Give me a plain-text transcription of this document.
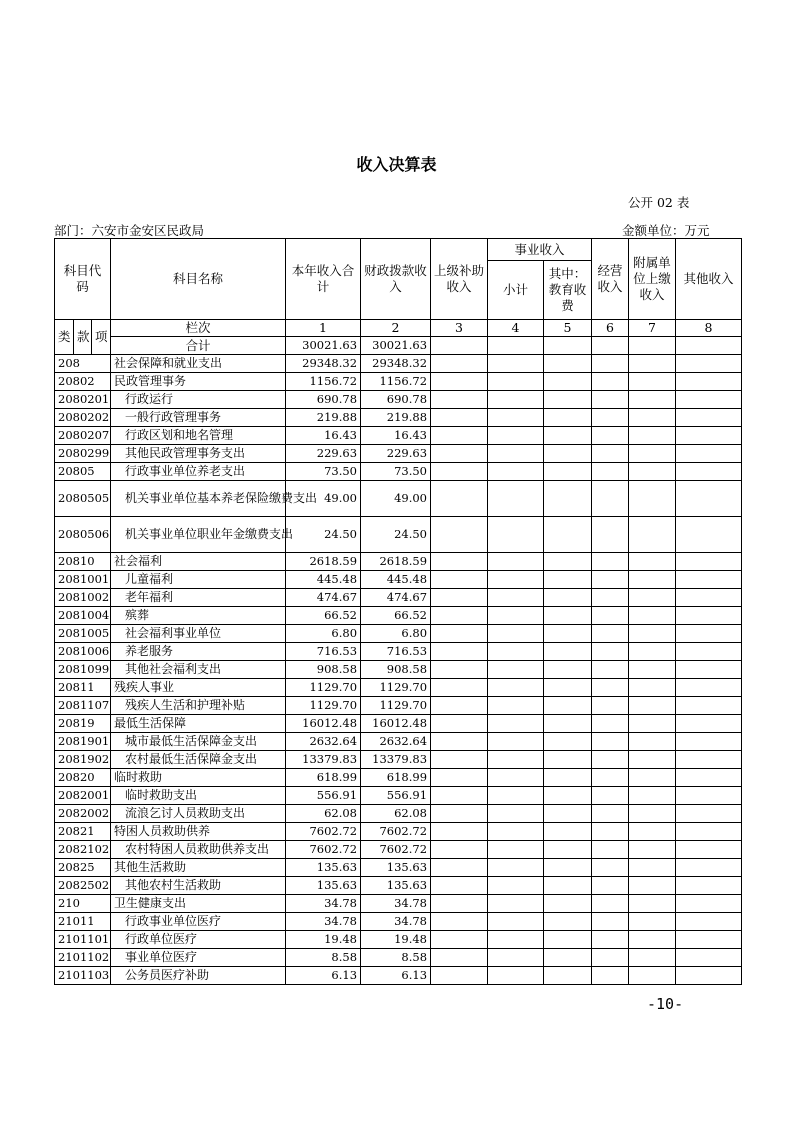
收入决算表
公开 02 表
部门：六安市金安区民政局	金额单位：万元
科目代码			科目名称	本年收入合计	财政拨款收入	上级补助收入	事业收入		经营收入	附属单位上缴收入	其他收入
							小计	其中：教育收费			
类	款	项	栏次	1	2	3	4	5	6	7	8
			合计	30021.63	30021.63						
208			社会保障和就业支出	29348.32	29348.32						
20802			民政管理事务	1156.72	1156.72						
2080201			行政运行	690.78	690.78						
2080202			一般行政管理事务	219.88	219.88						
2080207			行政区划和地名管理	16.43	16.43						
2080299			其他民政管理事务支出	229.63	229.63						
20805			行政事业单位养老支出	73.50	73.50						
2080505			机关事业单位基本养老保险缴费支出	49.00	49.00						
2080506			机关事业单位职业年金缴费支出	24.50	24.50						
20810			社会福利	2618.59	2618.59						
2081001			儿童福利	445.48	445.48						
2081002			老年福利	474.67	474.67						
2081004			殡葬	66.52	66.52						
2081005			社会福利事业单位	6.80	6.80						
2081006			养老服务	716.53	716.53						
2081099			其他社会福利支出	908.58	908.58						
20811			残疾人事业	1129.70	1129.70						
2081107			残疾人生活和护理补贴	1129.70	1129.70						
20819			最低生活保障	16012.48	16012.48						
2081901			城市最低生活保障金支出	2632.64	2632.64						
2081902			农村最低生活保障金支出	13379.83	13379.83						
20820			临时救助	618.99	618.99						
2082001			临时救助支出	556.91	556.91						
2082002			流浪乞讨人员救助支出	62.08	62.08						
20821			特困人员救助供养	7602.72	7602.72						
2082102			农村特困人员救助供养支出	7602.72	7602.72						
20825			其他生活救助	135.63	135.63						
2082502			其他农村生活救助	135.63	135.63						
210			卫生健康支出	34.78	34.78						
21011			行政事业单位医疗	34.78	34.78						
2101101			行政单位医疗	19.48	19.48						
2101102			事业单位医疗	8.58	8.58						
2101103			公务员医疗补助	6.13	6.13						
-10-
